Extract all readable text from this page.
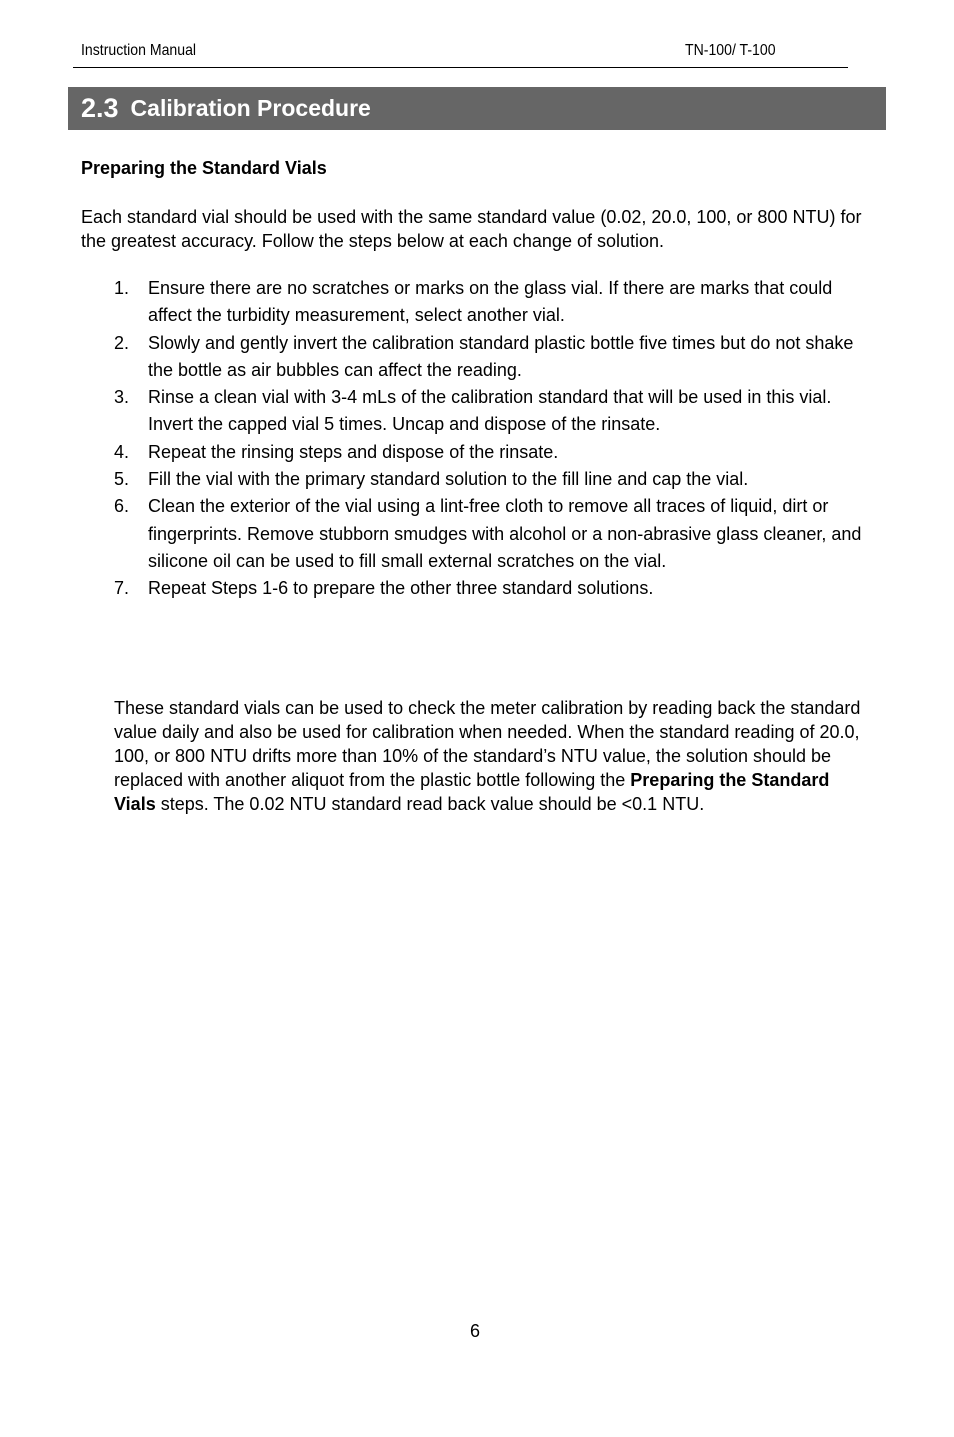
Instruction Manual	TN-100/ T-100
2.3 Calibration Procedure
Preparing the Standard Vials

Each standard vial should be used with the same standard value (0.02, 20.0, 100, or 800 NTU) for the greatest accuracy. Follow the steps below at each change of solution.

1.	Ensure there are no scratches or marks on the glass vial. If there are marks that could affect the turbidity measurement, select another vial.
2.	Slowly and gently invert the calibration standard plastic bottle five times but do not shake the bottle as air bubbles can affect the reading.
3.	Rinse a clean vial with 3-4 mLs of the calibration standard that will be used in this vial. Invert the capped vial 5 times. Uncap and dispose of the rinsate.
4.	Repeat the rinsing steps and dispose of the rinsate.
5.	Fill the vial with the primary standard solution to the fill line and cap the vial.
6.	Clean the exterior of the vial using a lint-free cloth to remove all traces of liquid, dirt or fingerprints. Remove stubborn smudges with alcohol or a non-abrasive glass cleaner, and silicone oil can be used to fill small external scratches on the vial.
7.	Repeat Steps 1-6 to prepare the other three standard solutions.

These standard vials can be used to check the meter calibration by reading back the standard value daily and also be used for calibration when needed. When the standard reading of 20.0, 100, or 800 NTU drifts more than 10% of the standard’s NTU value, the solution should be replaced with another aliquot from the plastic bottle following the Preparing the Standard Vials steps. The 0.02 NTU standard read back value should be <0.1 NTU.

6
